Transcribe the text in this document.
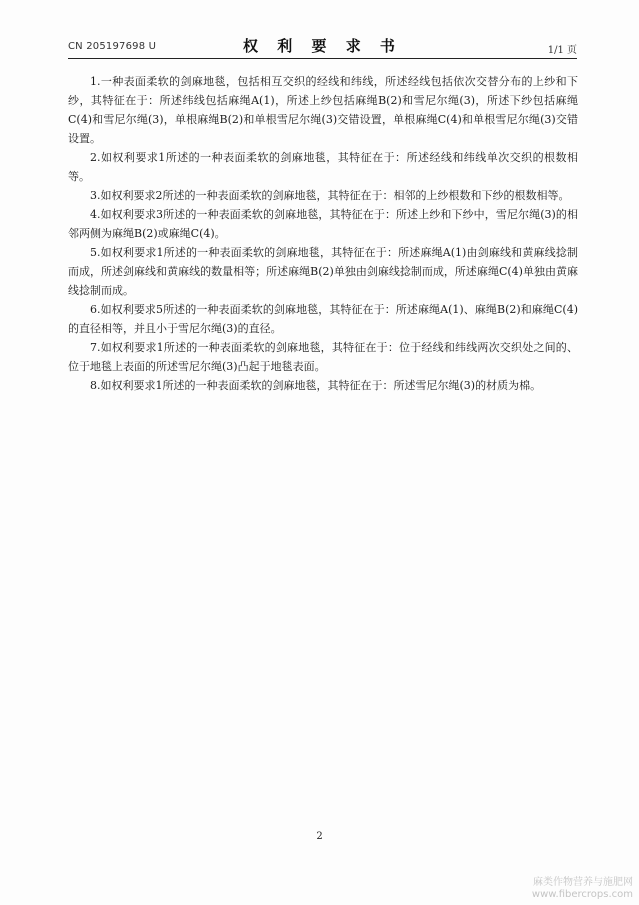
CN 205197698 U	权 利 要 求 书	1/1 页

1.一种表面柔软的剑麻地毯，包括相互交织的经线和纬线，所述经线包括依次交替分布的上纱和下纱，其特征在于：所述纬线包括麻绳A(1)，所述上纱包括麻绳B(2)和雪尼尔绳(3)，所述下纱包括麻绳C(4)和雪尼尔绳(3)，单根麻绳B(2)和单根雪尼尔绳(3)交错设置，单根麻绳C(4)和单根雪尼尔绳(3)交错设置。

2.如权利要求1所述的一种表面柔软的剑麻地毯，其特征在于：所述经线和纬线单次交织的根数相等。

3.如权利要求2所述的一种表面柔软的剑麻地毯，其特征在于：相邻的上纱根数和下纱的根数相等。

4.如权利要求3所述的一种表面柔软的剑麻地毯，其特征在于：所述上纱和下纱中，雪尼尔绳(3)的相邻两侧为麻绳B(2)或麻绳C(4)。

5.如权利要求1所述的一种表面柔软的剑麻地毯，其特征在于：所述麻绳A(1)由剑麻线和黄麻线捻制而成，所述剑麻线和黄麻线的数量相等；所述麻绳B(2)单独由剑麻线捻制而成，所述麻绳C(4)单独由黄麻线捻制而成。

6.如权利要求5所述的一种表面柔软的剑麻地毯，其特征在于：所述麻绳A(1)、麻绳B(2)和麻绳C(4)的直径相等，并且小于雪尼尔绳(3)的直径。

7.如权利要求1所述的一种表面柔软的剑麻地毯，其特征在于：位于经线和纬线两次交织处之间的、位于地毯上表面的所述雪尼尔绳(3)凸起于地毯表面。

8.如权利要求1所述的一种表面柔软的剑麻地毯，其特征在于：所述雪尼尔绳(3)的材质为棉。

2
麻类作物营养与施肥网
www.fibercrops.com
